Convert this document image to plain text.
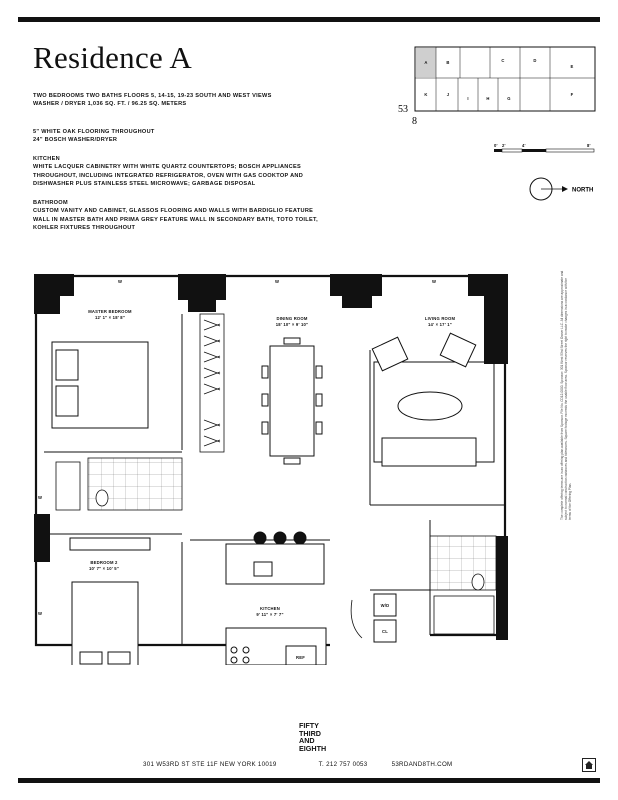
Residence A
TWO BEDROOMS TWO BATHS FLOORS 5, 14-15, 19-23 SOUTH AND WEST VIEWS
WASHER / DRYER 1,036 SQ. FT. / 96.25 SQ. METERS
5" WHITE OAK FLOORING THROUGHOUT
24" BOSCH WASHER/DRYER
KITCHEN
WHITE LACQUER CABINETRY WITH WHITE QUARTZ COUNTERTOPS; BOSCH APPLIANCES
THROUGHOUT, INCLUDING INTEGRATED REFRIGERATOR, OVEN WITH GAS COOKTOP AND
DISHWASHER PLUS STAINLESS STEEL MICROWAVE; GARBAGE DISPOSAL
BATHROOM
CUSTOM VANITY AND CABINET, GLASSOS FLOORING AND WALLS WITH BARDIGLIO FEATURE
WALL IN MASTER BATH AND PRIMA GREY FEATURE WALL IN SECONDARY BATH, TOTO TOILET,
KOHLER FIXTURES THROUGHOUT
A	B	C	D
E
K	J
I	H	G
F
53
8
0' 2'	4'	8'
NORTH
W	W	W
W
W
MASTER BEDROOM
12' 1" × 18' 8"	DINING ROOM
18' 10" × 9' 10"
LIVING ROOM
14' × 17' 1"
BEDROOM 2
10' 7" × 10' 5"
KITCHEN
9' 11" × 7' 7"
REF
W/D
CL
FIFTY
THIRD
AND
EIGHTH
301 W53RD ST STE 11F NEW YORK 10019	T. 212 757 0053	53RDAND8TH.COM
The complete offering terms are in an offering plan available from Sponsor. File No. CD12-0000. Sponsor: 301 West 53rd Street Owner LLC. All dimensions are approximate and subject to normal construction variances and tolerances. Square footage exceeds the usable floor area. Sponsor reserves the right to make changes in accordance with the terms of the Offering Plan.
